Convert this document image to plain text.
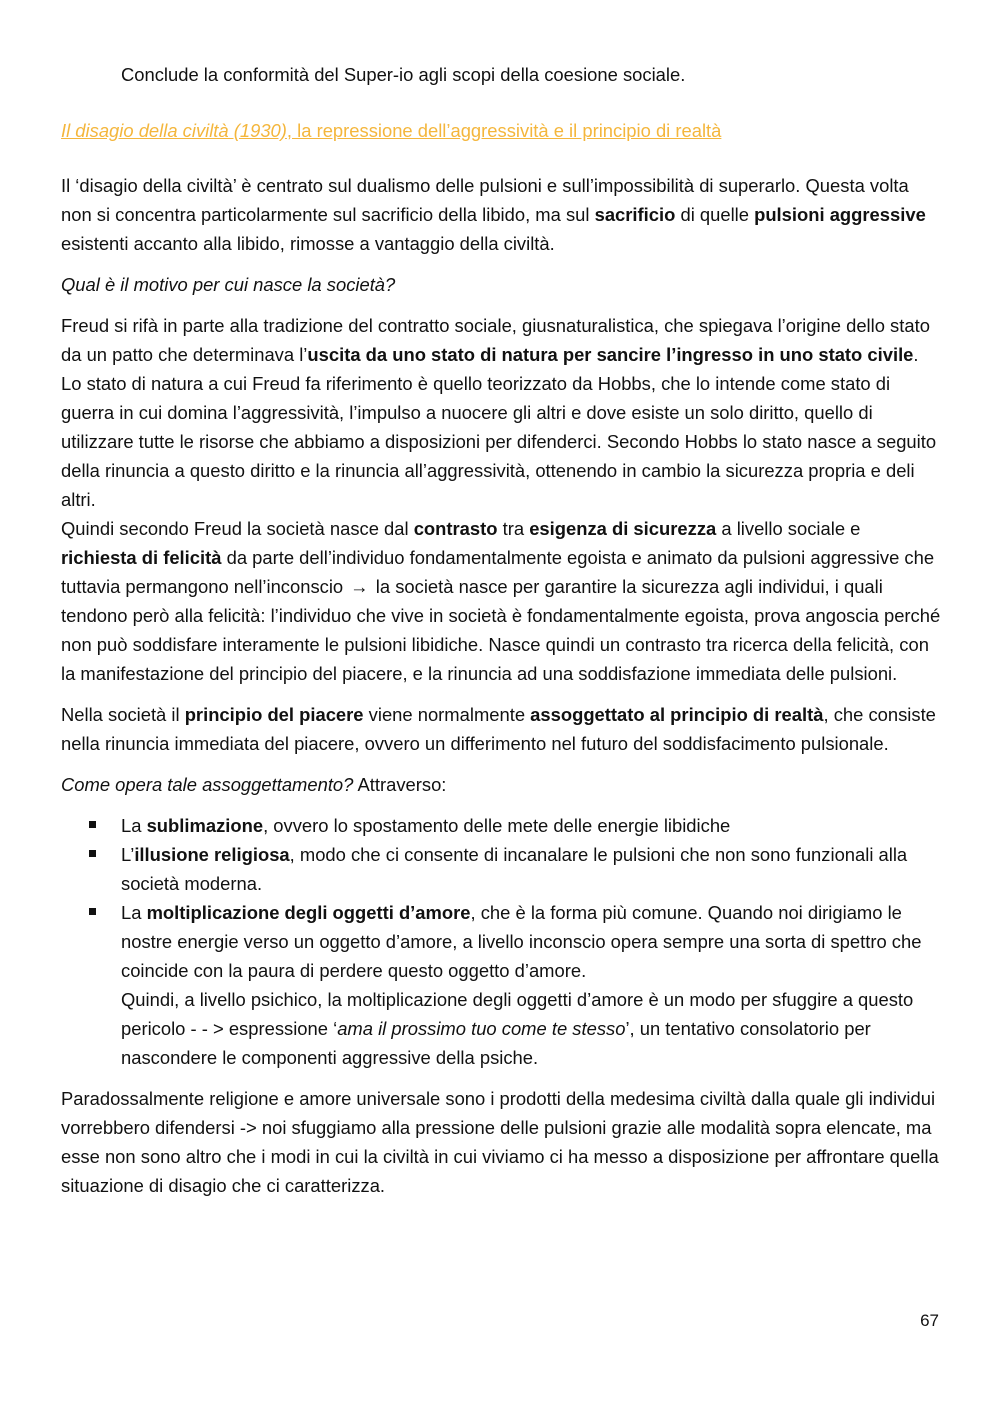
Conclude la conformità del Super-io agli scopi della coesione sociale.

Il disagio della civiltà (1930), la repressione dell’aggressività e il principio di realtà

Il ‘disagio della civiltà’ è centrato sul dualismo delle pulsioni e sull’impossibilità di superarlo. Questa volta non si concentra particolarmente sul sacrificio della libido, ma sul sacrificio di quelle pulsioni aggressive esistenti accanto alla libido, rimosse a vantaggio della civiltà.

Qual è il motivo per cui nasce la società?

Freud si rifà in parte alla tradizione del contratto sociale, giusnaturalistica, che spiegava l’origine dello stato da un patto che determinava l’uscita da uno stato di natura per sancire l’ingresso in uno stato civile. Lo stato di natura a cui Freud fa riferimento è quello teorizzato da Hobbs, che lo intende come stato di guerra in cui domina l’aggressività, l’impulso a nuocere gli altri e dove esiste un solo diritto, quello di utilizzare tutte le risorse che abbiamo a disposizioni per difenderci. Secondo Hobbs lo stato nasce a seguito della rinuncia a questo diritto e la rinuncia all’aggressività, ottenendo in cambio la sicurezza propria e deli altri.

Quindi secondo Freud la società nasce dal contrasto tra esigenza di sicurezza a livello sociale e richiesta di felicità da parte dell’individuo fondamentalmente egoista e animato da pulsioni aggressive che tuttavia permangono nell’inconscio → la società nasce per garantire la sicurezza agli individui, i quali tendono però alla felicità: l’individuo che vive in società è fondamentalmente egoista, prova angoscia perché non può soddisfare interamente le pulsioni libidiche. Nasce quindi un contrasto tra ricerca della felicità, con la manifestazione del principio del piacere, e la rinuncia ad una soddisfazione immediata delle pulsioni.

Nella società il principio del piacere viene normalmente assoggettato al principio di realtà, che consiste nella rinuncia immediata del piacere, ovvero un differimento nel futuro del soddisfacimento pulsionale.

Come opera tale assoggettamento? Attraverso:

La sublimazione, ovvero lo spostamento delle mete delle energie libidiche
L’illusione religiosa, modo che ci consente di incanalare le pulsioni che non sono funzionali alla società moderna.
La moltiplicazione degli oggetti d’amore, che è la forma più comune. Quando noi dirigiamo le nostre energie verso un oggetto d’amore, a livello inconscio opera sempre una sorta di spettro che coincide con la paura di perdere questo oggetto d’amore.
Quindi, a livello psichico, la moltiplicazione degli oggetti d’amore è un modo per sfuggire a questo pericolo - - > espressione ‘ama il prossimo tuo come te stesso’, un tentativo consolatorio per nascondere le componenti aggressive della psiche.

Paradossalmente religione e amore universale sono i prodotti della medesima civiltà dalla quale gli individui vorrebbero difendersi -> noi sfuggiamo alla pressione delle pulsioni grazie alle modalità sopra elencate, ma esse non sono altro che i modi in cui la civiltà in cui viviamo ci ha messo a disposizione per affrontare quella situazione di disagio che ci caratterizza.

67
